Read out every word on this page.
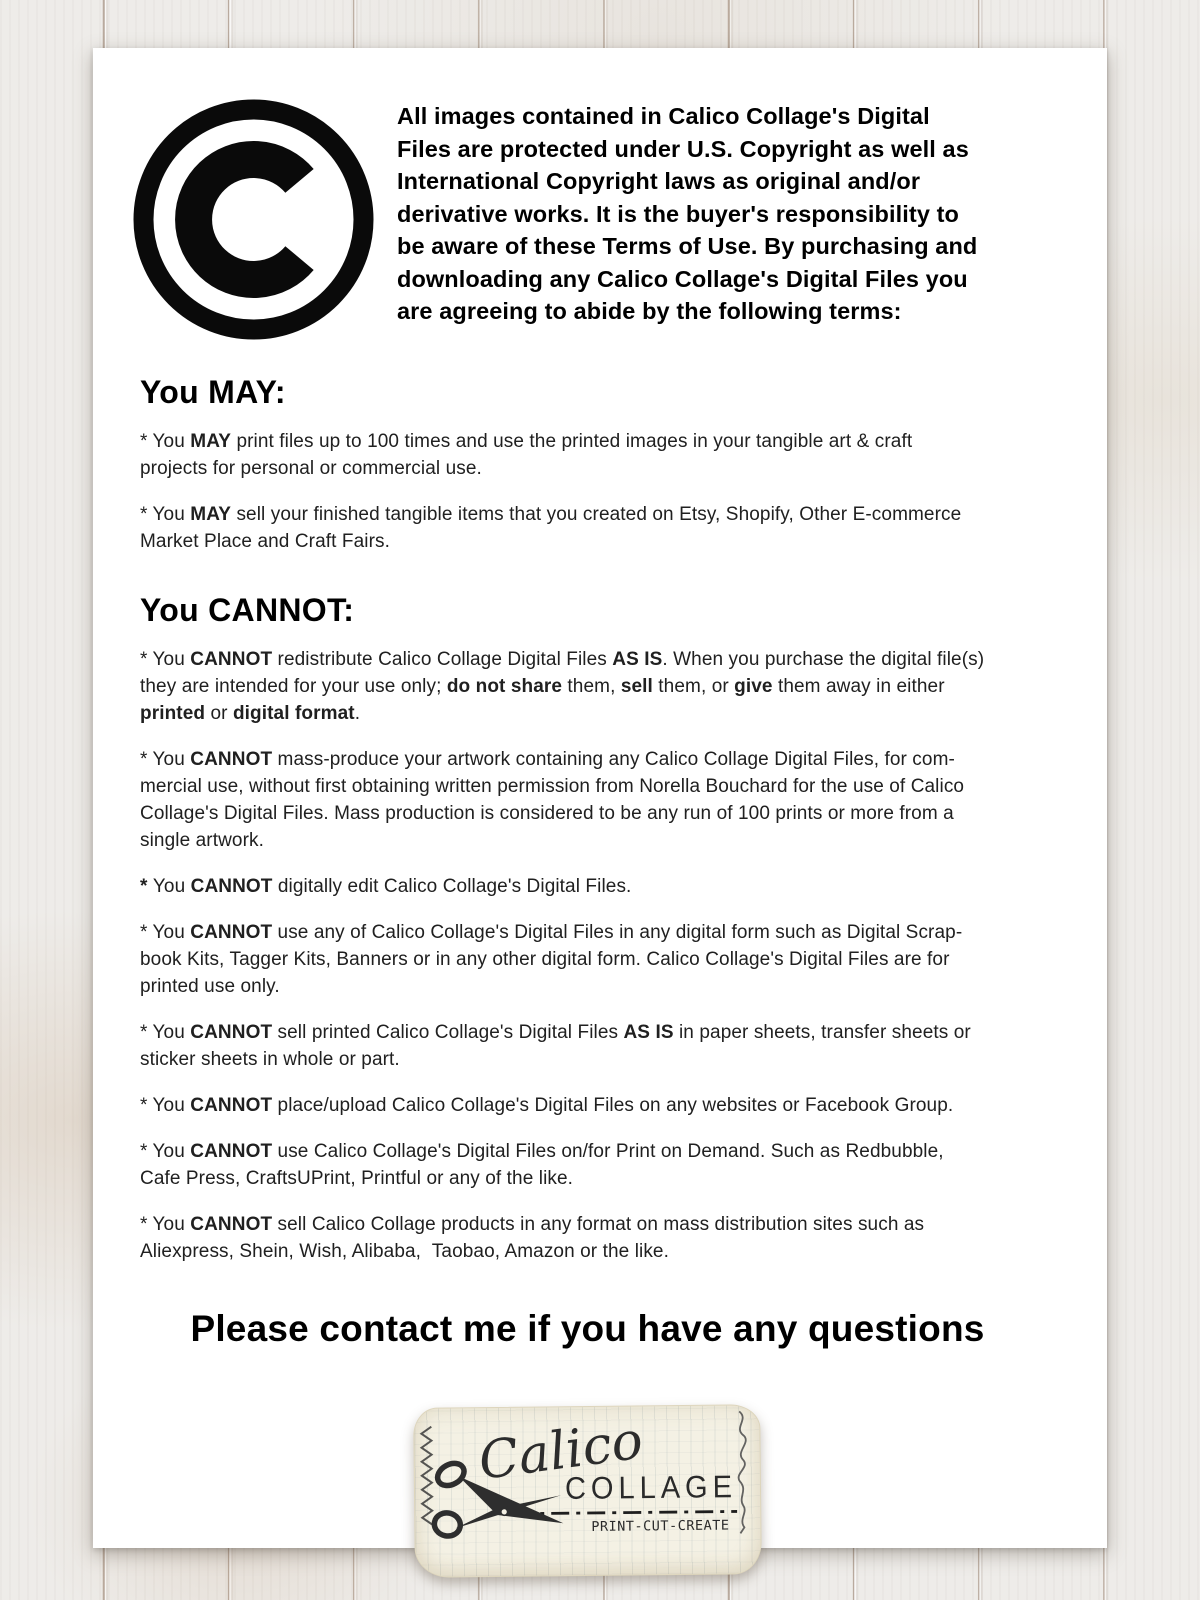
All images contained in Calico Collage's Digital
Files are protected under U.S. Copyright as well as
International Copyright laws as original and/or
derivative works. It is the buyer's responsibility to
be aware of these Terms of Use. By purchasing and
downloading any Calico Collage's Digital Files you
are agreeing to abide by the following terms:
You MAY:

* You MAY print files up to 100 times and use the printed images in your tangible art & craft
projects for personal or commercial use.

* You MAY sell your finished tangible items that you created on Etsy, Shopify, Other E-commerce
Market Place and Craft Fairs.

You CANNOT:

* You CANNOT redistribute Calico Collage Digital Files AS IS. When you purchase the digital file(s)
they are intended for your use only; do not share them, sell them, or give them away in either
printed or digital format.

* You CANNOT mass-produce your artwork containing any Calico Collage Digital Files, for com-
mercial use, without first obtaining written permission from Norella Bouchard for the use of Calico
Collage's Digital Files. Mass production is considered to be any run of 100 prints or more from a
single artwork.

* You CANNOT digitally edit Calico Collage's Digital Files.

* You CANNOT use any of Calico Collage's Digital Files in any digital form such as Digital Scrap-
book Kits, Tagger Kits, Banners or in any other digital form. Calico Collage's Digital Files are for
printed use only.

* You CANNOT sell printed Calico Collage's Digital Files AS IS in paper sheets, transfer sheets or
sticker sheets in whole or part.

* You CANNOT place/upload Calico Collage's Digital Files on any websites or Facebook Group.

* You CANNOT use Calico Collage's Digital Files on/for Print on Demand. Such as Redbubble,
Cafe Press, CraftsUPrint, Printful or any of the like.

* You CANNOT sell Calico Collage products in any format on mass distribution sites such as
Aliexpress, Shein, Wish, Alibaba,  Taobao, Amazon or the like.

Please contact me if you have any questions
Calico
COLLAGE
PRINT-CUT-CREATE
